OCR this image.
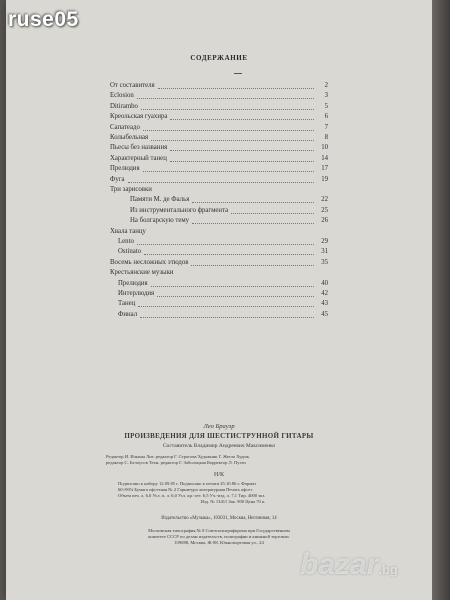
СОДЕРЖАНИЕ
От составителя	2
Eclosion	3
Ditirambo	5
Креольская гуахира	6
Сапатеадо	7
Колыбельная	8
Пьесы без названия	10
Характерный танец	14
Прелюдия	17
Фуга	19
Три зарисовки
Памяти М. де Фалья	22
Из инструментального фрагмента	25
На болгарскую тему	26
Хвала танцу
Lento	29
Ostinato	31
Восемь несложных этюдов	35
Крестьянские музыки
Прелюдия	40
Интерлюдия	42
Танец	43
Финал	45
Лео Брауэр
ПРОИЗВЕДЕНИЯ ДЛЯ ШЕСТИСТРУННОЙ ГИТАРЫ
Составитель Владимир Андреевич Максименко
Редактор И. Ильина Лит. редактор Г. Строгова Художник Г. Жегло Худож.
редактор С. Белоусов Техн. редактор Г. Заболоцкая Корректор Л. Пугач
Н/К
Подписано к набору 12.09.85 г. Подписано к печати 25.10.86 г. Формат
60×90⅛ Бумага офсетная № 2 Гарнитура литературная Печать офсет
Объем печ. л. 6,0 Усл. п. л. 6,0 Усл. кр.-отт. 6,5 Уч.-изд. л. 7,1 Тир. 4000 экз.
Изд. № 13411 Зак. 900 Цена 70 к.
Издательство «Музыка», 103031, Москва, Неглинная, 14
Московская типография № 8 Союзполиграфпрома при Государственном
комитете СССР по делам издательств, полиграфии и книжной торговли.
109088, Москва, Ж-88, Южнопортовая ул., 24
ruse05
bazar.bg
